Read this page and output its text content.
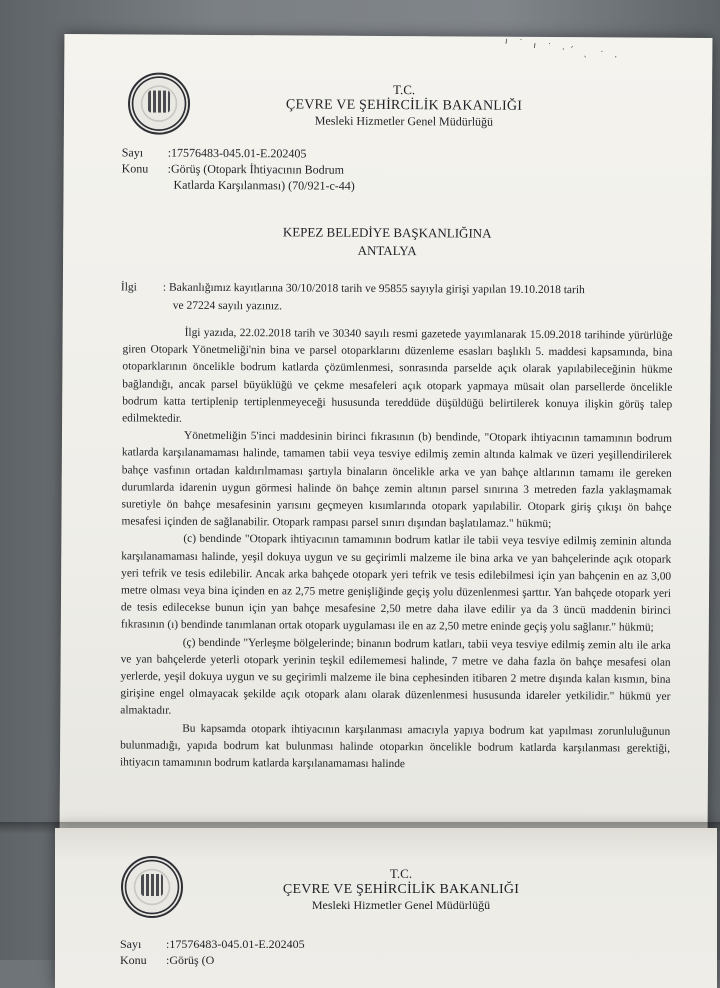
ı ˙ ı ˙ ·ˊ ˎ ˙ ·
T.C.
ÇEVRE VE ŞEHİRCİLİK BAKANLIĞI
Mesleki Hizmetler Genel Müdürlüğü
Sayı :17576483-045.01-E.202405
Konu :Görüş (Otopark İhtiyacının Bodrum
Katlarda Karşılanması) (70/921-c-44)
KEPEZ BELEDİYE BAŞKANLIĞINA
ANTALYA
İlgi : Bakanlığımız kayıtlarına 30/10/2018 tarih ve 95855 sayıyla girişi yapılan 19.10.2018 tarih
ve 27224 sayılı yazınız.

İlgi yazıda, 22.02.2018 tarih ve 30340 sayılı resmi gazetede yayımlanarak 15.09.2018 tarihinde yürürlüğe giren Otopark Yönetmeliği'nin bina ve parsel otoparklarını düzenleme esasları başlıklı 5. maddesi kapsamında, bina otoparklarının öncelikle bodrum katlarda çözümlenmesi, sonrasında parselde açık olarak yapılabileceğinin hükme bağlandığı, ancak parsel büyüklüğü ve çekme mesafeleri açık otopark yapmaya müsait olan parsellerde öncelikle bodrum katta tertiplenip tertiplenmeyeceği hususunda tereddüde düşüldüğü belirtilerek konuya ilişkin görüş talep edilmektedir.

Yönetmeliğin 5'inci maddesinin birinci fıkrasının (b) bendinde, "Otopark ihtiyacının tamamının bodrum katlarda karşılanamaması halinde, tamamen tabii veya tesviye edilmiş zemin altında kalmak ve üzeri yeşillendirilerek bahçe vasfının ortadan kaldırılmaması şartıyla binaların öncelikle arka ve yan bahçe altlarının tamamı ile gereken durumlarda idarenin uygun görmesi halinde ön bahçe zemin altının parsel sınırına 3 metreden fazla yaklaşmamak suretiyle ön bahçe mesafesinin yarısını geçmeyen kısımlarında otopark yapılabilir. Otopark giriş çıkışı ön bahçe mesafesi içinden de sağlanabilir. Otopark rampası parsel sınırı dışından başlatılamaz." hükmü;

(c) bendinde "Otopark ihtiyacının tamamının bodrum katlar ile tabii veya tesviye edilmiş zeminin altında karşılanamaması halinde, yeşil dokuya uygun ve su geçirimli malzeme ile bina arka ve yan bahçelerinde açık otopark yeri tefrik ve tesis edilebilir. Ancak arka bahçede otopark yeri tefrik ve tesis edilebilmesi için yan bahçenin en az 3,00 metre olması veya bina içinden en az 2,75 metre genişliğinde geçiş yolu düzenlenmesi şarttır. Yan bahçede otopark yeri de tesis edilecekse bunun için yan bahçe mesafesine 2,50 metre daha ilave edilir ya da 3 üncü maddenin birinci fıkrasının (ı) bendinde tanımlanan ortak otopark uygulaması ile en az 2,50 metre eninde geçiş yolu sağlanır." hükmü;

(ç) bendinde "Yerleşme bölgelerinde; binanın bodrum katları, tabii veya tesviye edilmiş zemin altı ile arka ve yan bahçelerde yeterli otopark yerinin teşkil edilememesi halinde, 7 metre ve daha fazla ön bahçe mesafesi olan yerlerde, yeşil dokuya uygun ve su geçirimli malzeme ile bina cephesinden itibaren 2 metre dışında kalan kısmın, bina girişine engel olmayacak şekilde açık otopark alanı olarak düzenlenmesi hususunda idareler yetkilidir." hükmü yer almaktadır.

Bu kapsamda otopark ihtiyacının karşılanması amacıyla yapıya bodrum kat yapılması zorunluluğunun bulunmadığı, yapıda bodrum kat bulunması halinde otoparkın öncelikle bodrum katlarda karşılanması gerektiği, ihtiyacın tamamının bodrum katlarda karşılanamaması halinde

T.C.
ÇEVRE VE ŞEHİRCİLİK BAKANLIĞI
Mesleki Hizmetler Genel Müdürlüğü
Sayı :17576483-045.01-E.202405
Konu :Görüş (O
